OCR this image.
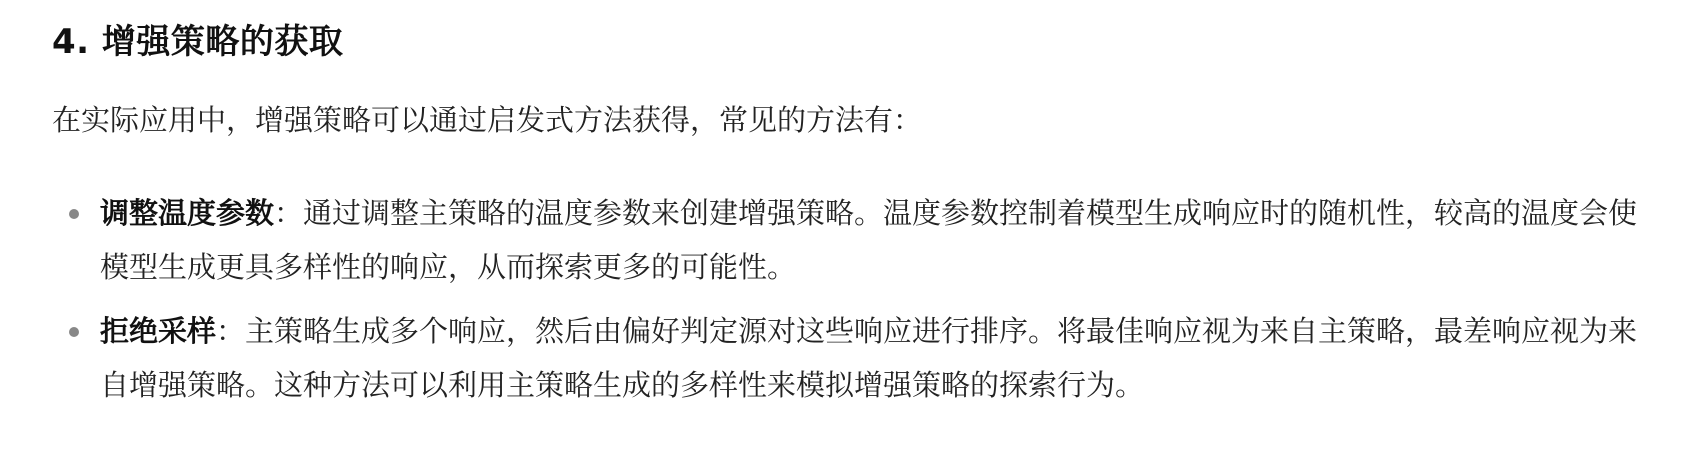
4. 增强策略的获取

在实际应用中，增强策略可以通过启发式方法获得，常见的方法有：

调整温度参数：通过调整主策略的温度参数来创建增强策略。温度参数控制着模型生成响应时的随机性，较高的温度会使模型生成更具多样性的响应，从而探索更多的可能性。
拒绝采样：主策略生成多个响应，然后由偏好判定源对这些响应进行排序。将最佳响应视为来自主策略，最差响应视为来自增强策略。这种方法可以利用主策略生成的多样性来模拟增强策略的探索行为。
